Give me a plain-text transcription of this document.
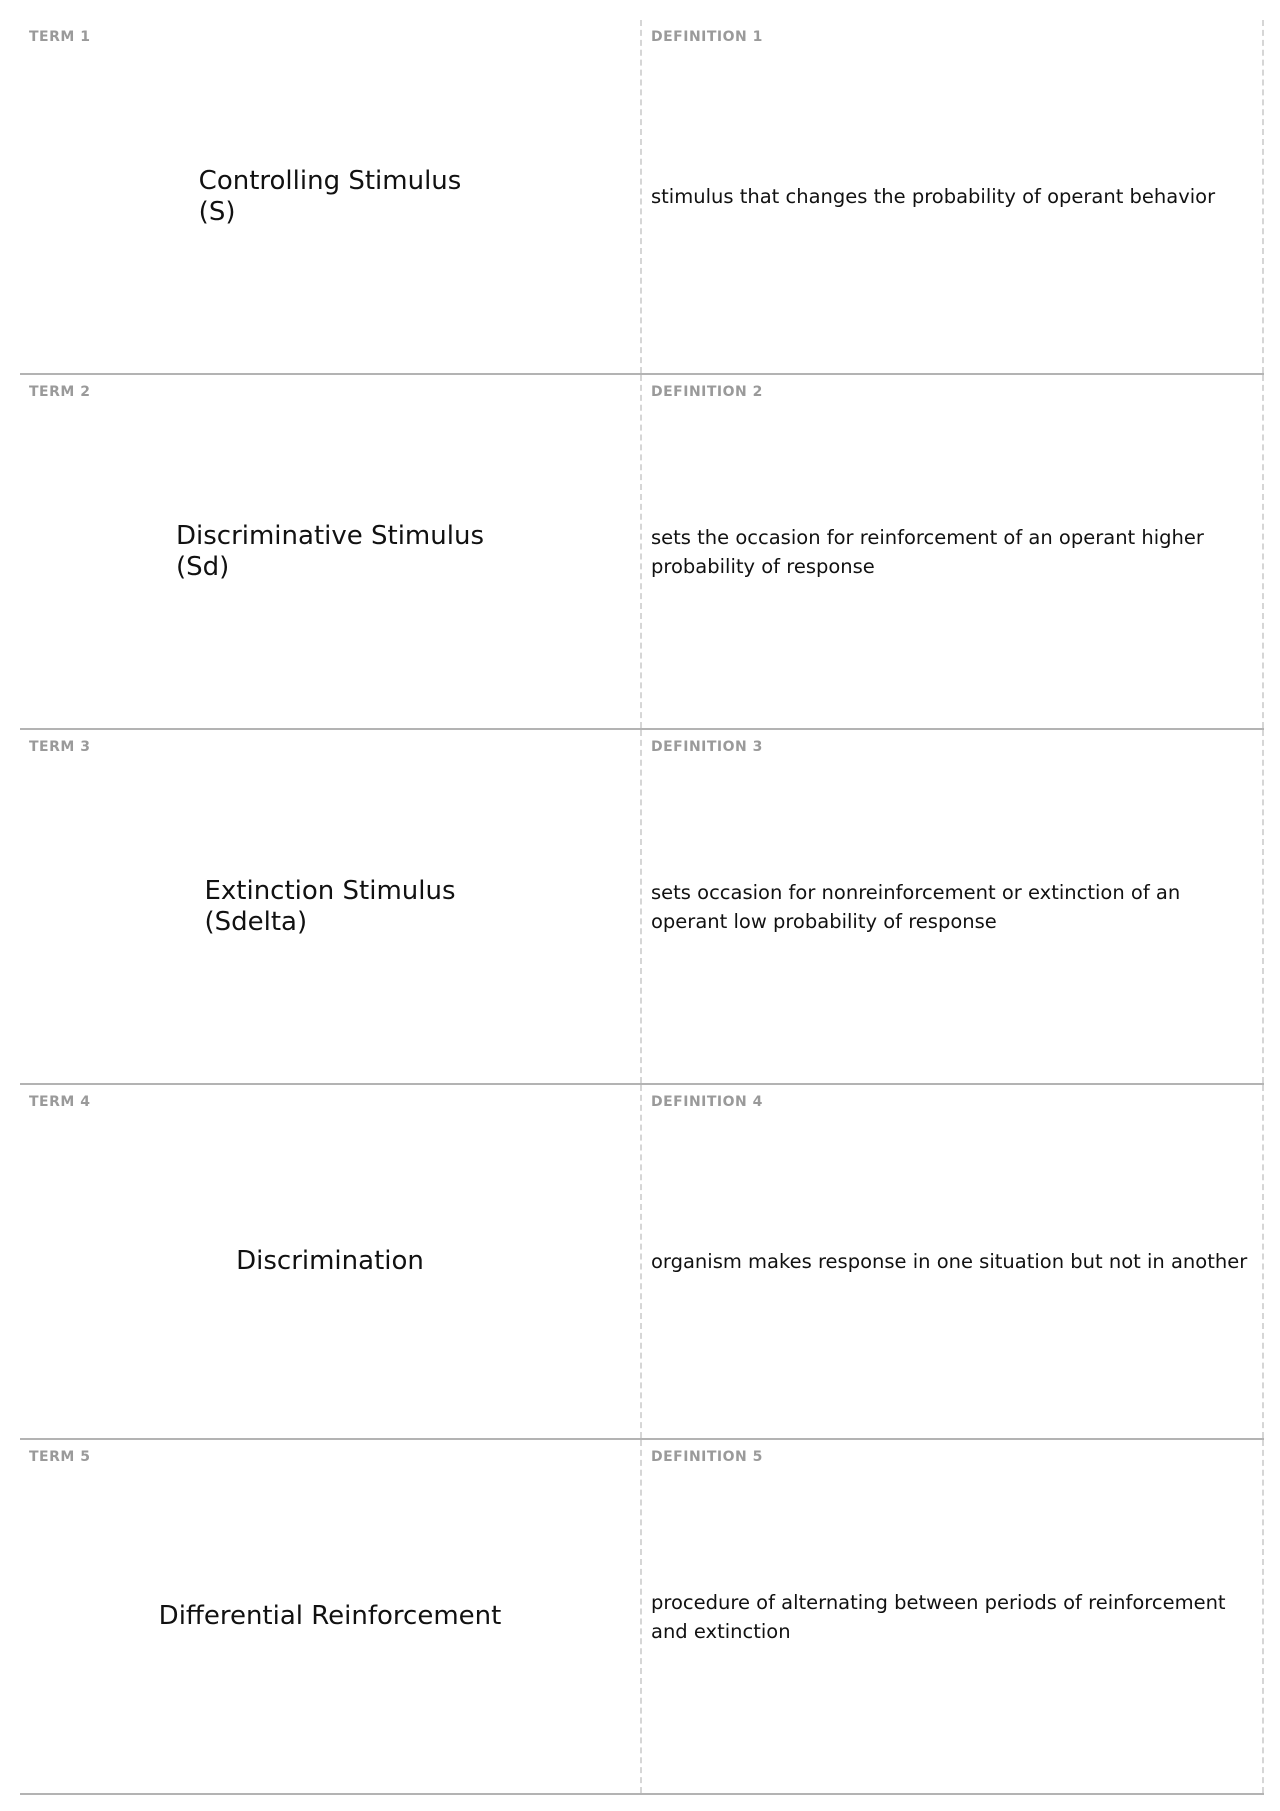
TERM 1
Controlling Stimulus
(S)
DEFINITION 1
stimulus that changes the probability of operant behavior
TERM 2
Discriminative Stimulus
(Sd)
DEFINITION 2
sets the occasion for reinforcement of an operant higher probability of response
TERM 3
Extinction Stimulus
(Sdelta)
DEFINITION 3
sets occasion for nonreinforcement or extinction of an operant low probability of response
TERM 4
Discrimination
DEFINITION 4
organism makes response in one situation but not in another
TERM 5
Differential Reinforcement
DEFINITION 5
procedure of alternating between periods of reinforcement and extinction
